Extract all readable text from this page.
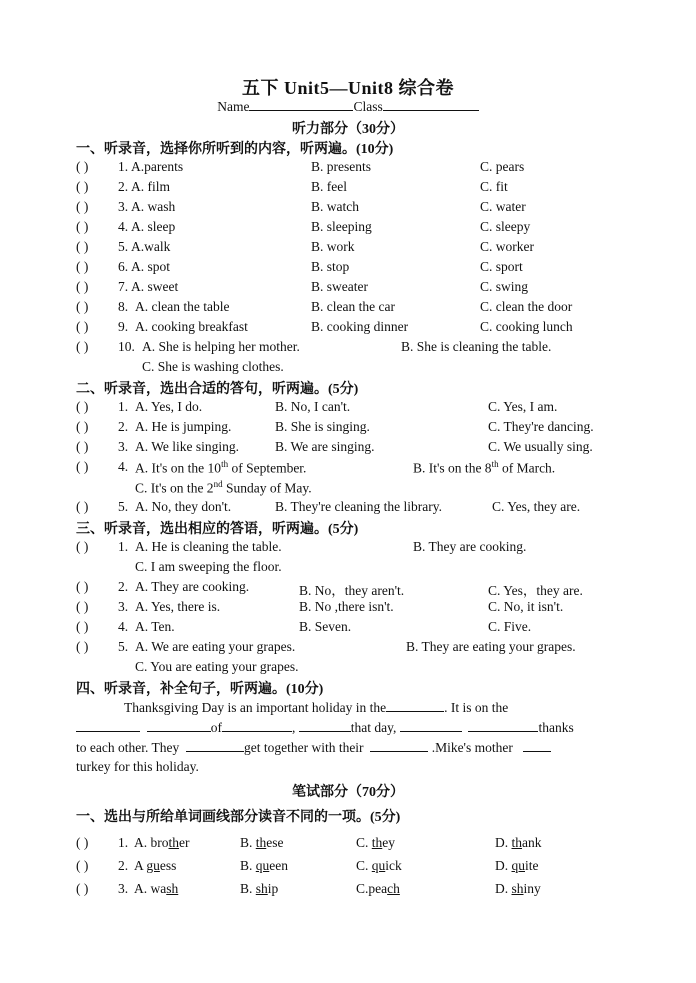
五下 Unit5—Unit8 综合卷
Name	Class
听力部分（30分）
一、听录音，选择你所听到的内容，听两遍。(10分)
( ) 1. A.parents	B. presents	C. pears
( ) 2. A. film	B. feel	C. fit
( ) 3. A. wash	B. watch	C. water
( ) 4. A. sleep	B. sleeping	C. sleepy
( ) 5. A.walk	B. work	C. worker
( ) 6. A. spot	B. stop	C. sport
( ) 7. A. sweet	B. sweater	C. swing
( ) 8. A. clean the table	B. clean the car	C. clean the door
( ) 9. A. cooking breakfast	B. cooking dinner	C. cooking lunch
( ) 10. A. She is helping her mother.	B. She is cleaning the table.
C. She is washing clothes.
二、听录音，选出合适的答句，听两遍。(5分)
( ) 1. A. Yes, I do.	B. No, I can't.	C. Yes, I am.
( ) 2. A. He is jumping.	B. She is singing.	C. They're dancing.
( ) 3. A. We like singing.	B. We are singing.	C. We usually sing.
( ) 4. A. It's on the 10th of September.	B. It's on the 8th of March.
C. It's on the 2nd Sunday of May.
( ) 5. A. No, they don't.	B. They're cleaning the library.	C. Yes, they are.
三、听录音，选出相应的答语，听两遍。(5分)
( ) 1. A. He is cleaning the table.	B. They are cooking.
C. I am sweeping the floor.
( ) 2. A. They are cooking.	B. No，they aren't.	C. Yes，they are.
( ) 3. A. Yes, there is.	B. No ,there isn't.	C. No, it isn't.
( ) 4. A. Ten.	B. Seven.	C. Five.
( ) 5. A. We are eating your grapes.	B. They are eating your grapes.
C. You are eating your grapes.
四、听录音，补全句子，听两遍。(10分)
Thanksgiving Day is an important holiday in the	. It is on the
of	,	that day,	thanks
to each other. They	get together with their	.Mike's mother
turkey for this holiday.
笔试部分（70分）
一、选出与所给单词画线部分读音不同的一项。(5分)
( ) 1. A. brother	B. these	C. they	D. thank
( ) 2. A guess	B. queen	C. quick	D. quite
( ) 3. A. wash	B. ship	C.peach	D. shiny
